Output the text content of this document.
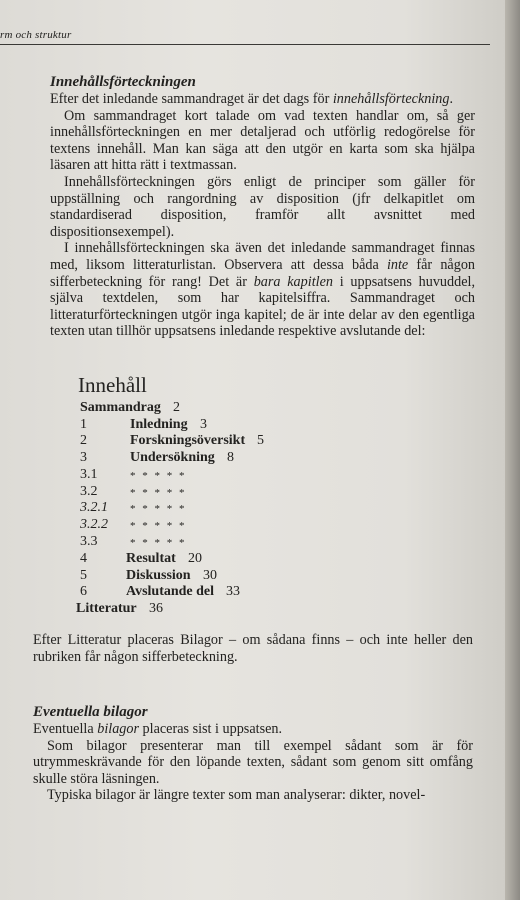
rm och struktur
Innehållsförteckningen

Efter det inledande sammandraget är det dags för innehållsförteckning.

Om sammandraget kort talade om vad texten handlar om, så ger innehållsförteckningen en mer detaljerad och utförlig redogörelse för textens innehåll. Man kan säga att den utgör en karta som ska hjälpa läsaren att hitta rätt i textmassan.

Innehållsförteckningen görs enligt de principer som gäller för uppställning och rangordning av disposition (jfr delkapitlet om standardiserad disposition, framför allt avsnittet med dispositionsexempel).

I innehållsförteckningen ska även det inledande sammandraget finnas med, liksom litteraturlistan. Observera att dessa båda inte får någon sifferbeteckning för rang! Det är bara kapitlen i uppsatsens huvuddel, själva textdelen, som har kapitelsiffra. Sammandraget och litteraturförteckningen utgör inga kapitel; de är inte delar av den egentliga texten utan tillhör uppsatsens inledande respektive avslutande del:

Innehåll
Sammandrag 2
1	Inledning 3
2	Forskningsöversikt 5
3	Undersökning 8
3.1	* * * * *
3.2	* * * * *
3.2.1 * * * * *
3.2.2 * * * * *
3.3	* * * * *
4	Resultat 20
5	Diskussion 30
6	Avslutande del 33
Litteratur 36

Efter Litteratur placeras Bilagor – om sådana finns – och inte heller den rubriken får någon sifferbeteckning.

Eventuella bilagor

Eventuella bilagor placeras sist i uppsatsen.

Som bilagor presenterar man till exempel sådant som är för utrymmeskrävande för den löpande texten, sådant som genom sitt omfång skulle störa läsningen.

Typiska bilagor är längre texter som man analyserar: dikter, novel-
